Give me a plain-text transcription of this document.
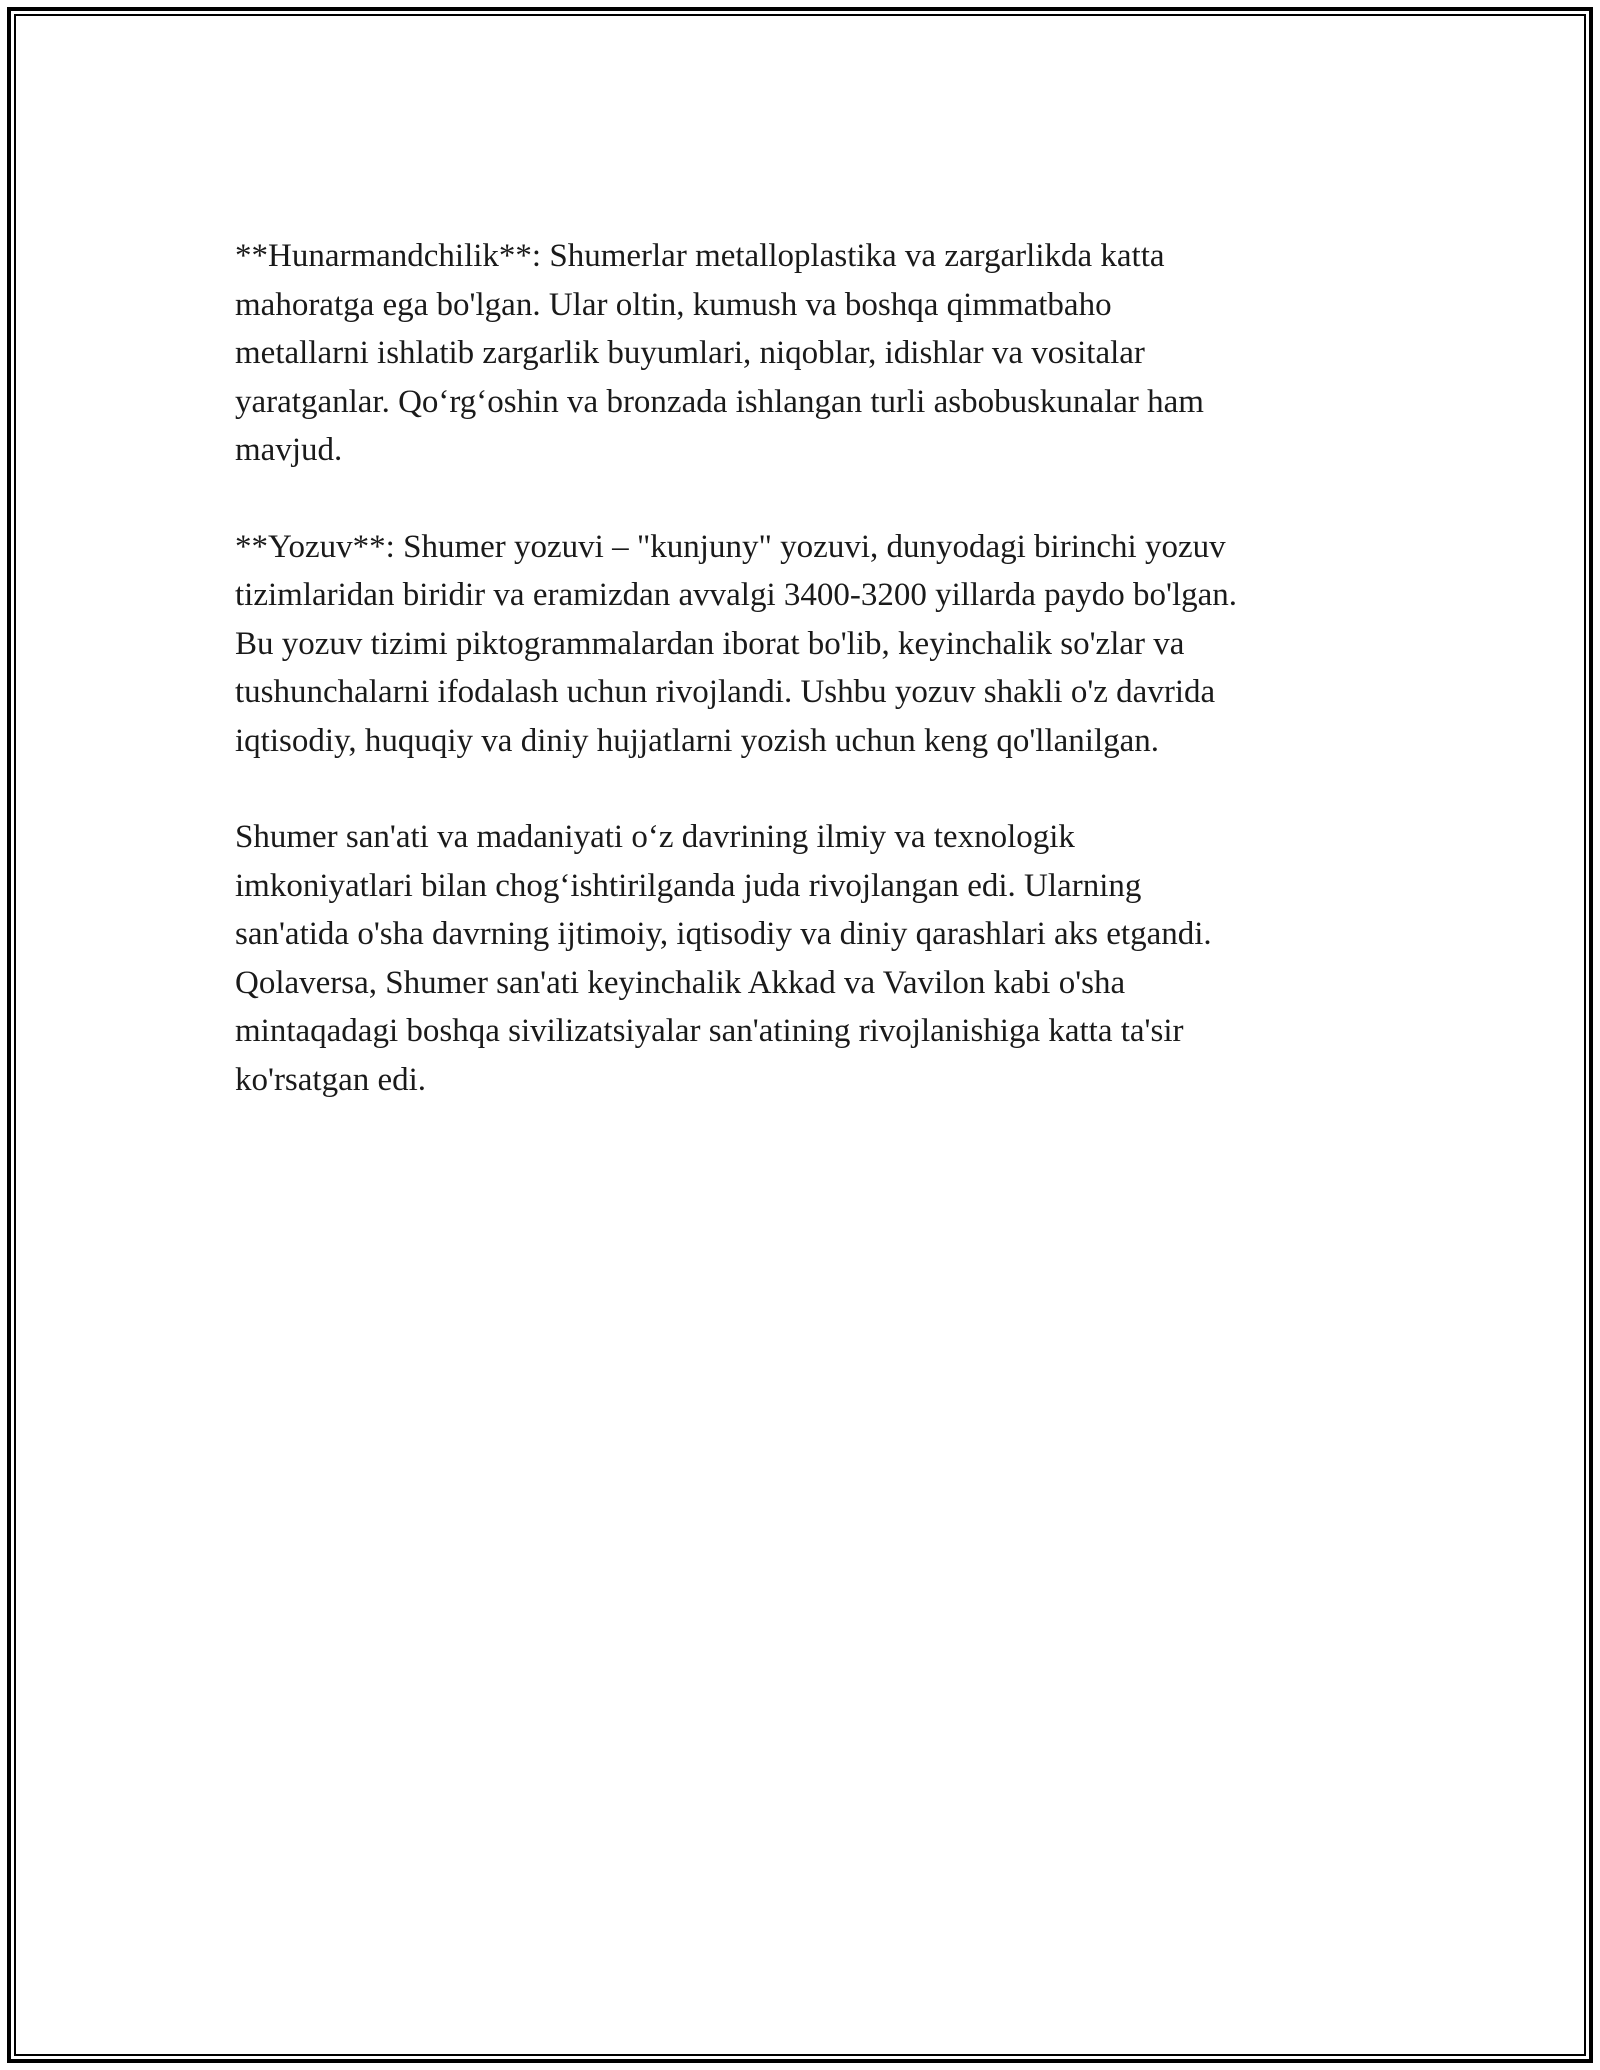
**Hunarmandchilik**: Shumerlar metalloplastika va zargarlikda katta
mahoratga ega bo'lgan. Ular oltin, kumush va boshqa qimmatbaho
metallarni ishlatib zargarlik buyumlari, niqoblar, idishlar va vositalar
yaratganlar. Qo‘rg‘oshin va bronzada ishlangan turli asbobuskunalar ham
mavjud.

**Yozuv**: Shumer yozuvi – "kunjuny" yozuvi, dunyodagi birinchi yozuv
tizimlaridan biridir va eramizdan avvalgi 3400-3200 yillarda paydo bo'lgan.
Bu yozuv tizimi piktogrammalardan iborat bo'lib, keyinchalik so'zlar va
tushunchalarni ifodalash uchun rivojlandi. Ushbu yozuv shakli o'z davrida
iqtisodiy, huquqiy va diniy hujjatlarni yozish uchun keng qo'llanilgan.

Shumer san'ati va madaniyati o‘z davrining ilmiy va texnologik
imkoniyatlari bilan chog‘ishtirilganda juda rivojlangan edi. Ularning
san'atida o'sha davrning ijtimoiy, iqtisodiy va diniy qarashlari aks etgandi.
Qolaversa, Shumer san'ati keyinchalik Akkad va Vavilon kabi o'sha
mintaqadagi boshqa sivilizatsiyalar san'atining rivojlanishiga katta ta'sir
ko'rsatgan edi.
